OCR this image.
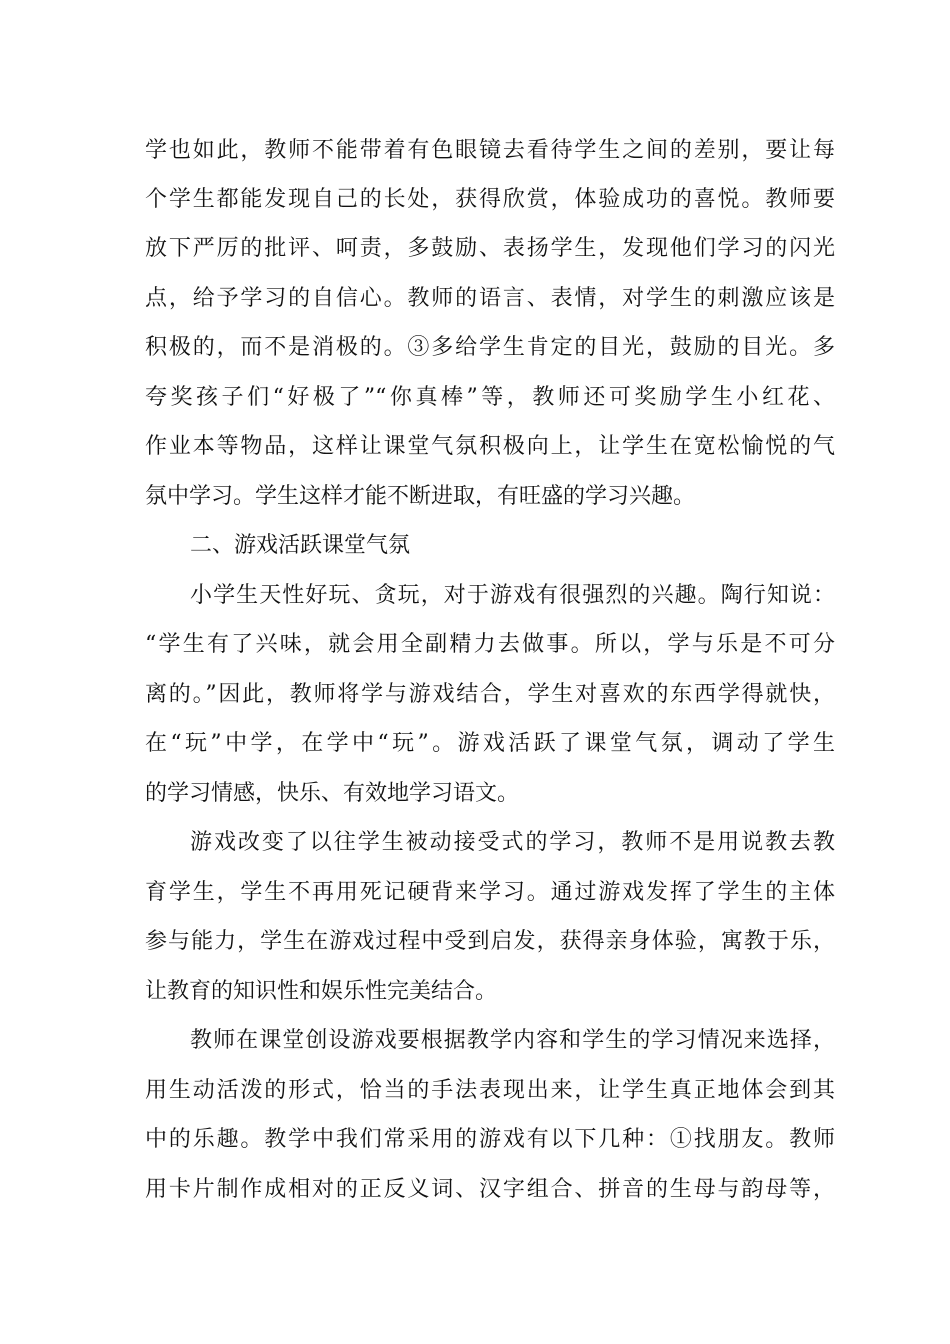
学也如此，教师不能带着有色眼镜去看待学生之间的差别，要让每
个学生都能发现自己的长处，获得欣赏，体验成功的喜悦。教师要
放下严厉的批评、呵责，多鼓励、表扬学生，发现他们学习的闪光
点，给予学习的自信心。教师的语言、表情，对学生的刺激应该是
积极的，而不是消极的。③多给学生肯定的目光，鼓励的目光。多
夸奖孩子们“好极了”“你真棒”等，教师还可奖励学生小红花、
作业本等物品，这样让课堂气氛积极向上，让学生在宽松愉悦的气
氛中学习。学生这样才能不断进取，有旺盛的学习兴趣。
二、游戏活跃课堂气氛
小学生天性好玩、贪玩，对于游戏有很强烈的兴趣。陶行知说：
“学生有了兴味，就会用全副精力去做事。所以，学与乐是不可分
离的。”因此，教师将学与游戏结合，学生对喜欢的东西学得就快，
在“玩”中学，在学中“玩”。游戏活跃了课堂气氛，调动了学生
的学习情感，快乐、有效地学习语文。
游戏改变了以往学生被动接受式的学习，教师不是用说教去教
育学生，学生不再用死记硬背来学习。通过游戏发挥了学生的主体
参与能力，学生在游戏过程中受到启发，获得亲身体验，寓教于乐，
让教育的知识性和娱乐性完美结合。
教师在课堂创设游戏要根据教学内容和学生的学习情况来选择，
用生动活泼的形式，恰当的手法表现出来，让学生真正地体会到其
中的乐趣。教学中我们常采用的游戏有以下几种：①找朋友。教师
用卡片制作成相对的正反义词、汉字组合、拼音的生母与韵母等，
